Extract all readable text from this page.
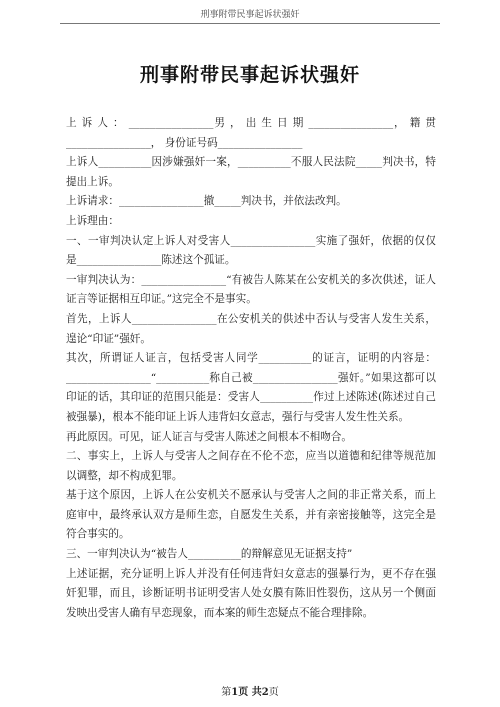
刑事附带民事起诉状强奸
刑事附带民事起诉状强奸

上 诉 人 ： ________________男 ， 出 生 日 期 ________________， 籍 贯 ________________， 身份证号码________________

上诉人__________因涉嫌强奸一案，__________不服人民法院_____判决书，特提出上诉。

上诉请求：________________撤_____判决书，并依法改判。

上诉理由：

一、一审判决认定上诉人对受害人________________实施了强奸，依据的仅仅是________________陈述这个孤证。

一审判决认为：________________“有被告人陈某在公安机关的多次供述，证人证言等证据相互印证。”这完全不是事实。

首先，上诉人________________在公安机关的供述中否认与受害人发生关系，遑论“印证”强奸。

其次，所谓证人证言，包括受害人同学__________的证言，证明的内容是：________________“__________称自己被________________强奸。”如果这都可以印证的话，其印证的范围只能是：受害人__________作过上述陈述(陈述过自己被强暴)，根本不能印证上诉人违背妇女意志，强行与受害人发生性关系。

再此原因。可见，证人证言与受害人陈述之间根本不相吻合。

二、事实上，上诉人与受害人之间存在不伦不恋，应当以道德和纪律等规范加以调整，却不构成犯罪。

基于这个原因，上诉人在公安机关不愿承认与受害人之间的非正常关系，而上庭审中，最终承认双方是师生恋，自愿发生关系，并有亲密接触等，这完全是符合事实的。

三、一审判决认为“被告人__________的辩解意见无证据支持”

上述证据，充分证明上诉人并没有任何违背妇女意志的强暴行为，更不存在强奸犯罪，而且，诊断证明书证明受害人处女膜有陈旧性裂伤，这从另一个侧面发映出受害人确有早恋现象，而本案的师生恋疑点不能合理排除。

第1页 共2页
